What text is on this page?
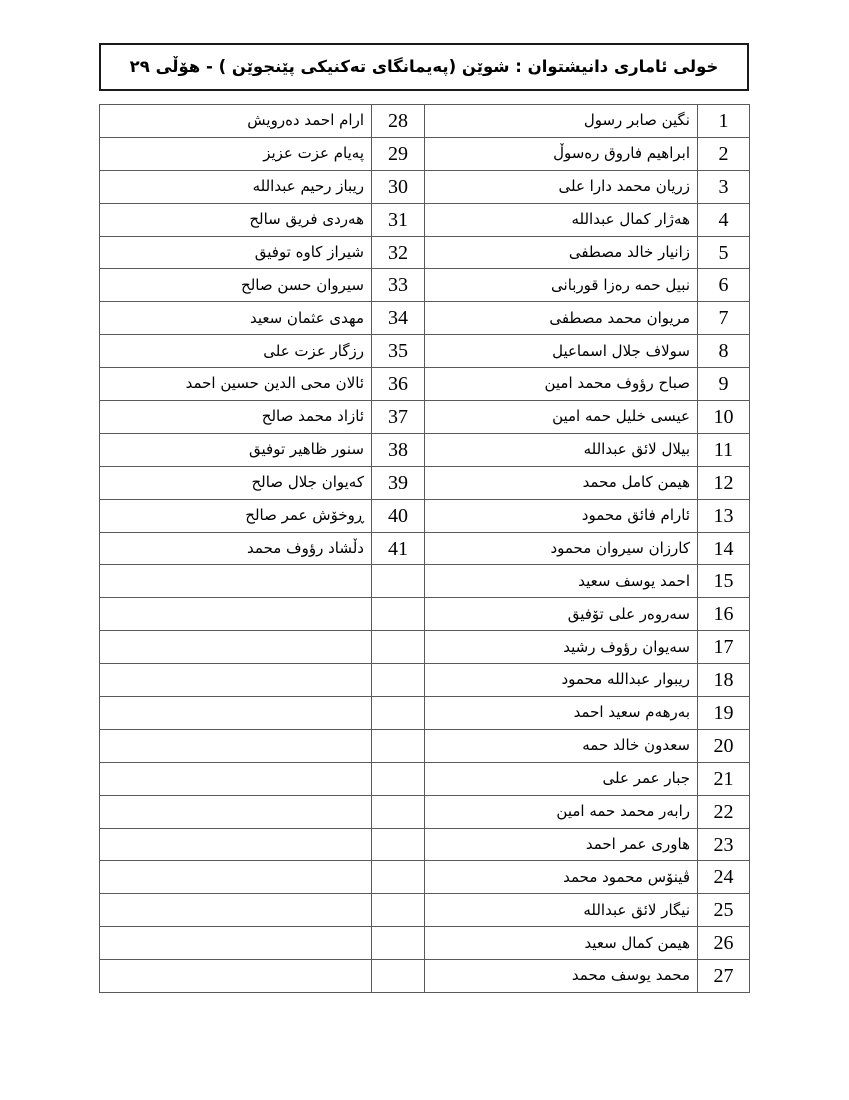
خولی ئاماری دانیشتوان : شوێن (پەیمانگای تەکنیکی پێنجوێن ) - هۆڵی ٢٩
1	نگین صابر رسول	28	ارام احمد دەرویش
2	ابراهیم فاروق رەسوڵ	29	پەیام عزت عزیز
3	زریان محمد دارا علی	30	ریباز رحیم عبدالله
4	هەژار کمال عبدالله	31	هەردی فریق سالح
5	زانیار خالد مصطفی	32	شیراز کاوه توفیق
6	نبیل حمه رەزا قوربانی	33	سیروان حسن صالح
7	مریوان محمد مصطفی	34	مهدی عثمان سعید
8	سولاف جلال اسماعیل	35	رزگار عزت علی
9	صباح رؤوف محمد امین	36	ئالان محی الدین حسین احمد
10	عیسی خلیل حمه امین	37	ئازاد محمد صالح
11	بیلال لائق عبدالله	38	سنور ظاهیر توفیق
12	هیمن کامل محمد	39	کەیوان جلال صالح
13	ئارام فائق محمود	40	ڕوخۆش عمر صالح
14	کارزان سیروان محمود	41	دڵشاد رؤوف محمد
15	احمد یوسف سعید		
16	سەروەر علی تۆفیق		
17	سەیوان رؤوف رشید		
18	ریبوار عبدالله محمود		
19	بەرهەم سعید احمد		
20	سعدون خالد حمه		
21	جبار عمر علی		
22	رابەر محمد حمه امین		
23	هاوری عمر احمد		
24	ڤینۆس محمود محمد		
25	نیگار لائق عبدالله		
26	هیمن کمال سعید		
27	محمد یوسف محمد		
